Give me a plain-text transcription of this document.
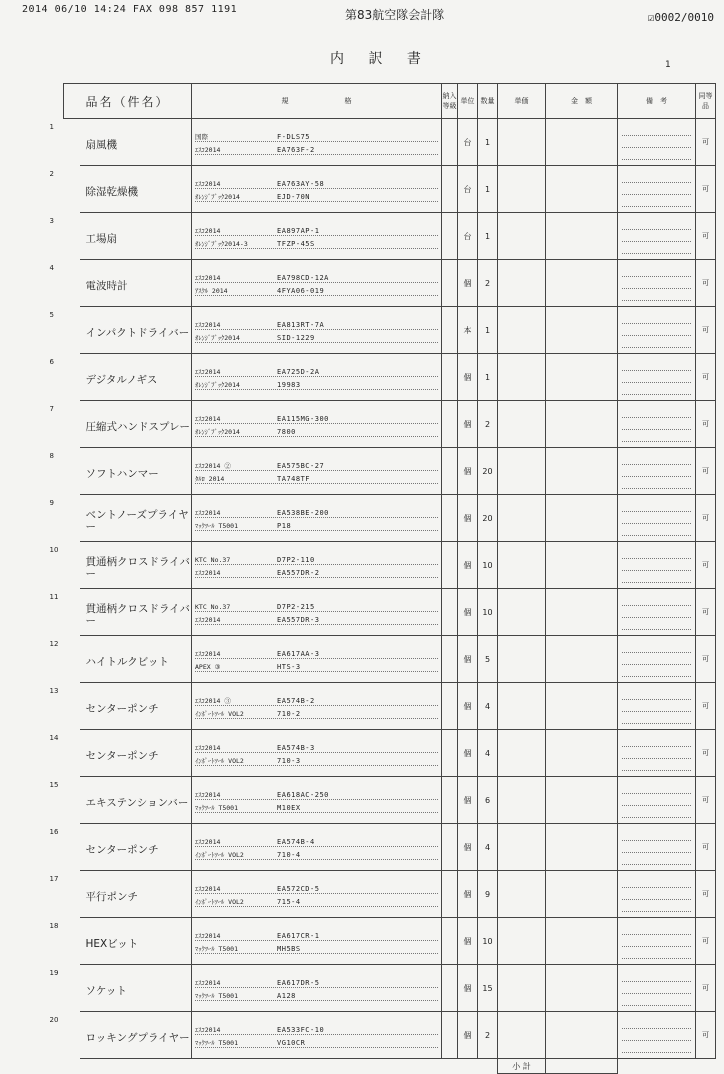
2014 06/10 14:24 FAX 098 857 1191	第83航空隊会計隊	☑0002/0010
内 訳 書	1
品名（件名）		規　　　　　　　　格	納入等級	単位	数量	単価	金　額	備　考	同等品

1	扇風機	国際 F-DLS75
ｴｽｺ2014 EA763F-2		台	1				可

2	除湿乾燥機	ｴｽｺ2014 EA763AY-58
ｵﾚﾝｼﾞﾌﾞｯｸ2014 EJD-70N		台	1				可

3	工場扇	ｴｽｺ2014 EA897AP-1
ｵﾚﾝｼﾞﾌﾞｯｸ2014-3 TFZP-45S		台	1				可

4	電波時計	ｴｽｺ2014 EA798CD-12A
ｱｽｸﾙ 2014 4FYA06-019		個	2				可

5	インパクトドライバー	ｴｽｺ2014 EA813RT-7A
ｵﾚﾝｼﾞﾌﾞｯｸ2014 SID-1229		本	1				可

6	デジタルノギス	ｴｽｺ2014 EA725D-2A
ｵﾚﾝｼﾞﾌﾞｯｸ2014 19983		個	1				可

7	圧縮式ハンドスプレー	ｴｽｺ2014 EA115MG-300
ｵﾚﾝｼﾞﾌﾞｯｸ2014 7800		個	2				可

8	ソフトハンマー	ｴｽｺ2014 ② EA575BC-27
ﾀﾙﾛ 2014 TA748TF		個	20				可

9	ベントノーズプライヤー	ｴｽｺ2014 EA538BE-200
ﾏｯｸﾂｰﾙ T5001 P18		個	20				可

10	貫通柄クロスドライバー	KTC No.37 D7P2-110
ｴｽｺ2014 EA557DR-2		個	10				可

11	貫通柄クロスドライバー	KTC No.37 D7P2-215
ｴｽｺ2014 EA557DR-3		個	10				可

12	ハイトルクビット	ｴｽｺ2014 EA617AA-3
APEX ③ HTS-3		個	5				可

13	センターポンチ	ｴｽｺ2014 ③ EA574B-2
ｲﾝﾎﾟｰﾄﾂｰﾙ VOL2 710-2		個	4				可

14	センターポンチ	ｴｽｺ2014 EA574B-3
ｲﾝﾎﾟｰﾄﾂｰﾙ VOL2 710-3		個	4				可

15	エキステンションバー	ｴｽｺ2014 EA618AC-250
ﾏｯｸﾂｰﾙ T5001 M10EX		個	6				可

16	センターポンチ	ｴｽｺ2014 EA574B-4
ｲﾝﾎﾟｰﾄﾂｰﾙ VOL2 710-4		個	4				可

17	平行ポンチ	ｴｽｺ2014 EA572CD-5
ｲﾝﾎﾟｰﾄﾂｰﾙ VOL2 715-4		個	9				可

18	HEXビット	ｴｽｺ2014 EA617CR-1
ﾏｯｸﾂｰﾙ T5001 MH5BS		個	10				可

19	ソケット	ｴｽｺ2014 EA617DR-5
ﾏｯｸﾂｰﾙ T5001 A128		個	15				可

20	ロッキングプライヤー	ｴｽｺ2014 EA533FC-10
ﾏｯｸﾂｰﾙ T5001 VG10CR		個	2				可
						小 計			
